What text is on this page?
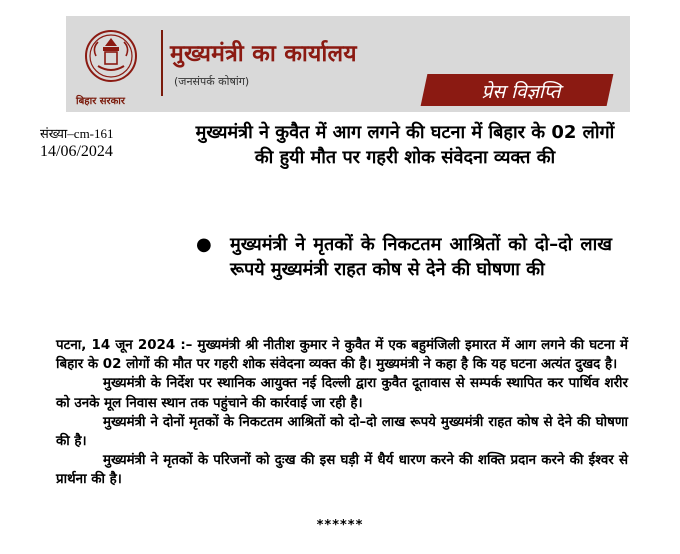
बिहार सरकार
मुख्यमंत्री का कार्यालय
(जनसंपर्क कोषांग)	प्रेस विज्ञप्ति
संख्या–cm-161
14/06/2024
मुख्यमंत्री ने कुवैत में आग लगने की घटना में बिहार के 02 लोगों की हुयी मौत पर गहरी शोक संवेदना व्यक्त की
● मुख्यमंत्री ने मृतकों के निकटतम आश्रितों को दो–दो लाख रूपये मुख्यमंत्री राहत कोष से देने की घोषणा की

पटना, 14 जून 2024 :– मुख्यमंत्री श्री नीतीश कुमार ने कुवैत में एक बहुमंजिली इमारत में आग लगने की घटना में बिहार के 02 लोगों की मौत पर गहरी शोक संवेदना व्यक्त की है। मुख्यमंत्री ने कहा है कि यह घटना अत्यंत दुखद है।

मुख्यमंत्री के निर्देश पर स्थानिक आयुक्त नई दिल्ली द्वारा कुवैत दूतावास से सम्पर्क स्थापित कर पार्थिव शरीर को उनके मूल निवास स्थान तक पहुंचाने की कार्रवाई जा रही है।

मुख्यमंत्री ने दोनों मृतकों के निकटतम आश्रितों को दो–दो लाख रूपये मुख्यमंत्री राहत कोष से देने की घोषणा की है।

मुख्यमंत्री ने मृतकों के परिजनों को दुःख की इस घड़ी में धैर्य धारण करने की शक्ति प्रदान करने की ईश्वर से प्रार्थना की है।

******
